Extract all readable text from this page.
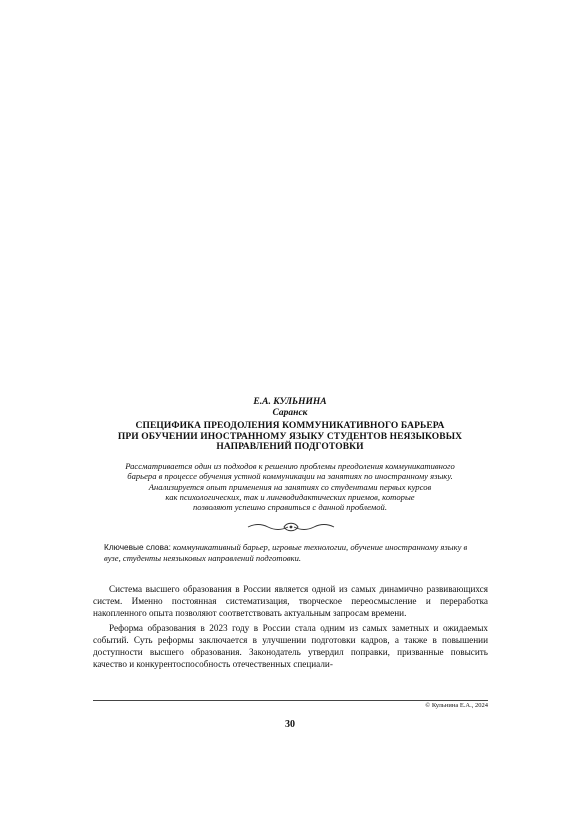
Е.А. КУЛЬНИНА
Саранск
СПЕЦИФИКА ПРЕОДОЛЕНИЯ КОММУНИКАТИВНОГО БАРЬЕРА
ПРИ ОБУЧЕНИИ ИНОСТРАННОМУ ЯЗЫКУ СТУДЕНТОВ НЕЯЗЫКОВЫХ
НАПРАВЛЕНИЙ ПОДГОТОВКИ
Рассматривается один из подходов к решению проблемы преодоления коммуникативного
барьера в процессе обучения устной коммуникации на занятиях по иностранному языку.
Анализируется опыт применения на занятиях со студентами первых курсов
как психологических, так и лингводидактических приемов, которые
позволяют успешно справиться с данной проблемой.
Ключевые слова: коммуникативный барьер, игровые технологии, обучение иностранному языку в вузе, студенты неязыковых направлений подготовки.

Система высшего образования в России является одной из самых динамично развивающихся систем. Именно постоянная систематизация, творческое переосмысление и переработка накопленного опыта позволяют соответствовать актуальным запросам времени.

Реформа образования в 2023 году в России стала одним из самых заметных и ожидаемых событий. Суть реформы заключается в улучшении подготовки кадров, а также в повышении доступности высшего образования. Законодатель утвердил поправки, призванные повысить качество и конкурентоспособность отечественных специали-

© Кульнина Е.А., 2024
30
